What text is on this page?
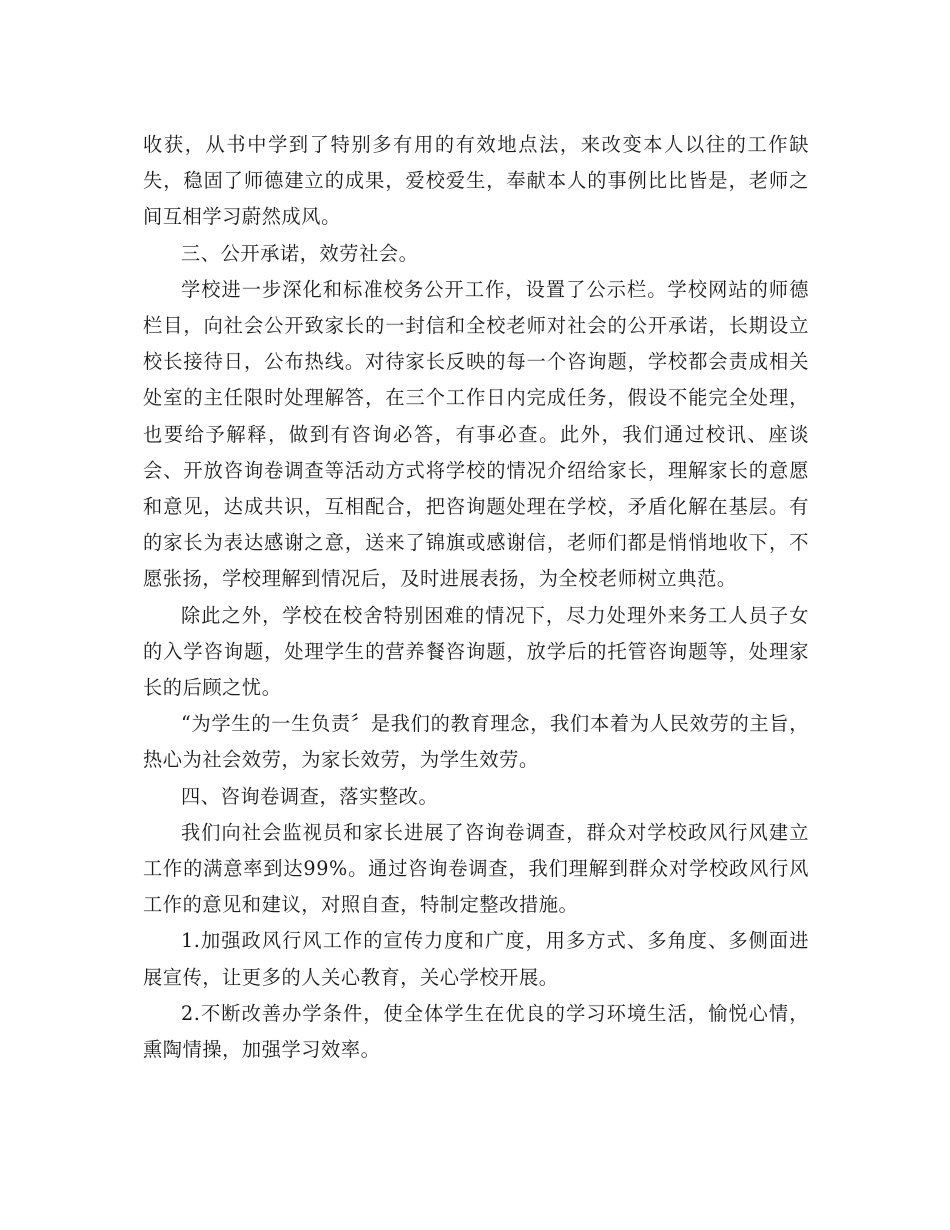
收获，从书中学到了特别多有用的有效地点法，来改变本人以往的工作缺失，稳固了师德建立的成果，爱校爱生，奉献本人的事例比比皆是，老师之间互相学习蔚然成风。

三、公开承诺，效劳社会。

学校进一步深化和标准校务公开工作，设置了公示栏。学校网站的师德栏目，向社会公开致家长的一封信和全校老师对社会的公开承诺，长期设立校长接待日，公布热线。对待家长反映的每一个咨询题，学校都会责成相关处室的主任限时处理解答，在三个工作日内完成任务，假设不能完全处理，也要给予解释，做到有咨询必答，有事必查。此外，我们通过校讯、座谈会、开放咨询卷调查等活动方式将学校的情况介绍给家长，理解家长的意愿和意见，达成共识，互相配合，把咨询题处理在学校，矛盾化解在基层。有的家长为表达感谢之意，送来了锦旗或感谢信，老师们都是悄悄地收下，不愿张扬，学校理解到情况后，及时进展表扬，为全校老师树立典范。

除此之外，学校在校舍特别困难的情况下，尽力处理外来务工人员子女的入学咨询题，处理学生的营养餐咨询题，放学后的托管咨询题等，处理家长的后顾之忧。

“为学生的一生负责〞是我们的教育理念，我们本着为人民效劳的主旨，热心为社会效劳，为家长效劳，为学生效劳。

四、咨询卷调查，落实整改。

我们向社会监视员和家长进展了咨询卷调查，群众对学校政风行风建立工作的满意率到达99%。通过咨询卷调查，我们理解到群众对学校政风行风工作的意见和建议，对照自查，特制定整改措施。

1.加强政风行风工作的宣传力度和广度，用多方式、多角度、多侧面进展宣传，让更多的人关心教育，关心学校开展。

2.不断改善办学条件，使全体学生在优良的学习环境生活，愉悦心情，熏陶情操，加强学习效率。
